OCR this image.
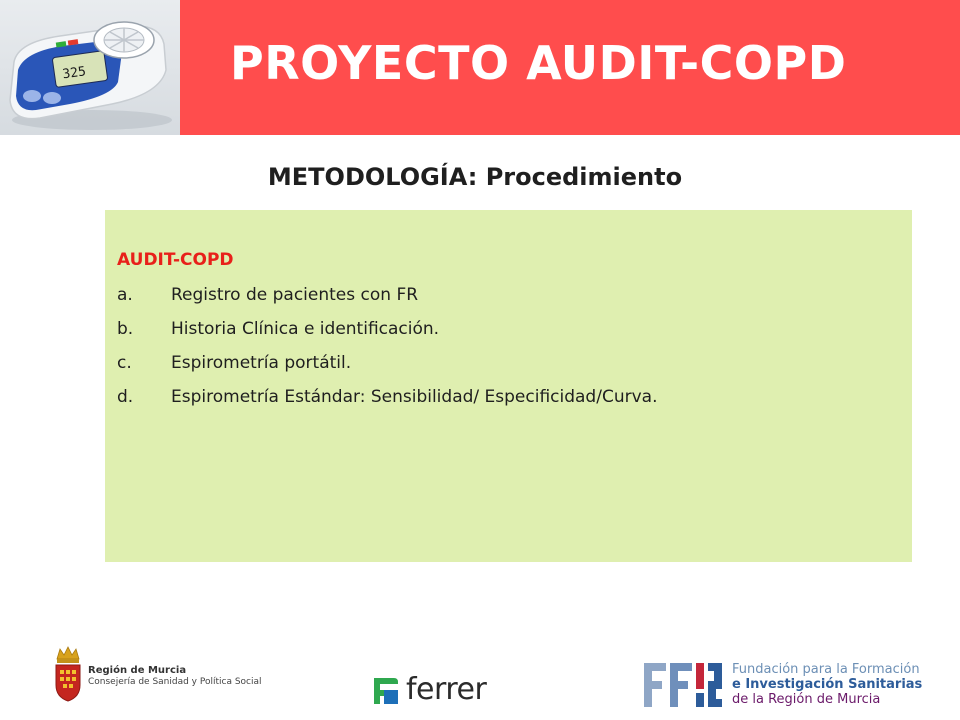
325	PROYECTO AUDIT-COPD
METODOLOGÍA: Procedimiento

AUDIT-COPD

a.	Registro de pacientes con FR
b.	Historia Clínica e identificación.
c.	Espirometría portátil.
d.	Espirometría Estándar: Sensibilidad/ Especificidad/Curva.
Región de Murcia
Consejería de Sanidad y Política Social	ferrer
Fundación para la Formación
e Investigación Sanitarias
de la Región de Murcia
